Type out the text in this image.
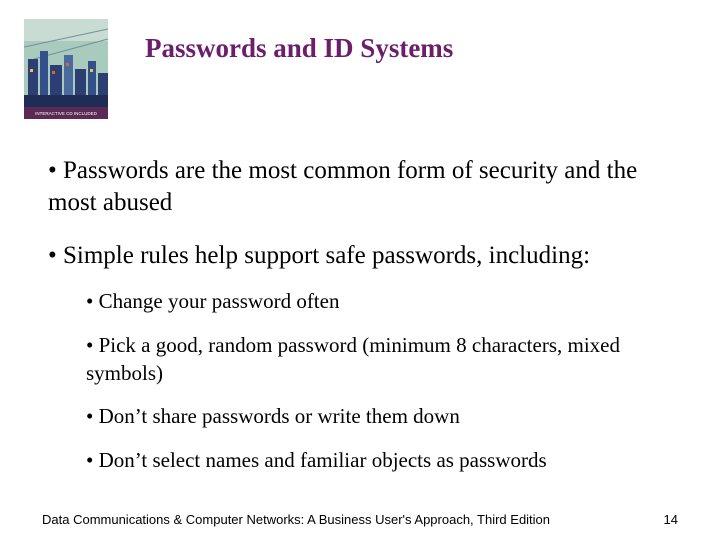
INTERACTIVE CD INCLUDED
Passwords and ID Systems
• Passwords are the most common form of security and the most abused
• Simple rules help support safe passwords, including:
• Change your password often
• Pick a good, random password (minimum 8 characters, mixed symbols)
• Don’t share passwords or write them down
• Don’t select names and familiar objects as passwords
Data Communications & Computer Networks: A Business User's Approach, Third Edition	14
